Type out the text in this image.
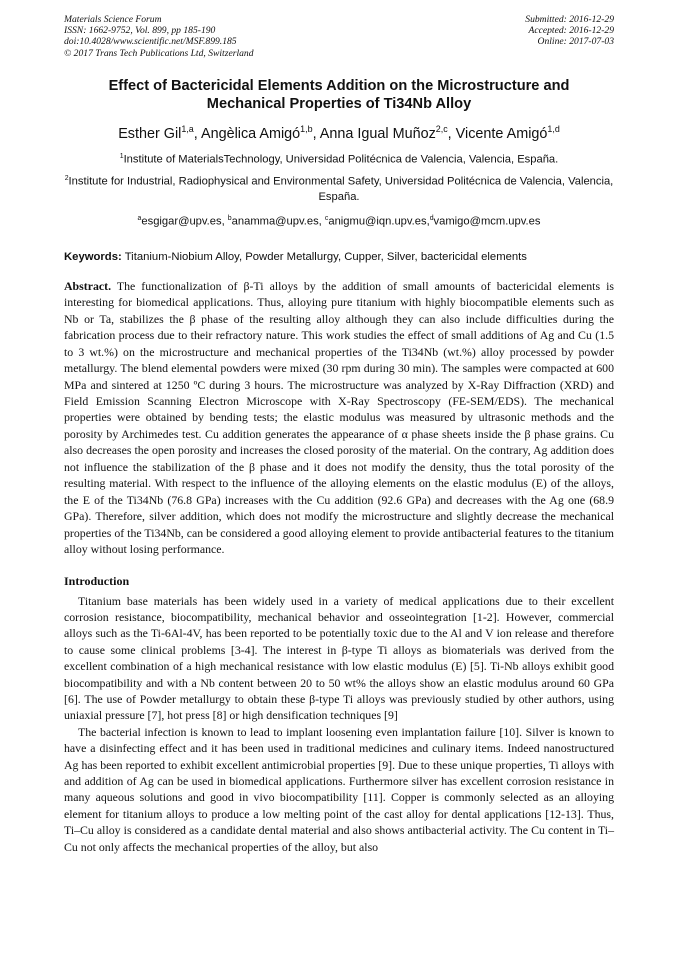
Materials Science Forum
ISSN: 1662-9752, Vol. 899, pp 185-190
doi:10.4028/www.scientific.net/MSF.899.185
© 2017 Trans Tech Publications Ltd, Switzerland
Submitted: 2016-12-29
Accepted: 2016-12-29
Online: 2017-07-03
Effect of Bactericidal Elements Addition on the Microstructure and
Mechanical Properties of Ti34Nb Alloy
Esther Gil$^{1,a}$, Angèlica Amigó$^{1,b}$, Anna Igual Muñoz$^{2,c}$, Vicente Amigó$^{1,d}$
$^1$Institute of MaterialsTechnology, Universidad Politécnica de Valencia, Valencia, España.
$^2$Institute for Industrial, Radiophysical and Environmental Safety, Universidad Politécnica de Valencia, Valencia, España.
$^a$esgigar@upv.es, $^b$anamma@upv.es, $^c$anigmu@iqn.upv.es,$^d$vamigo@mcm.upv.es
Keywords: Titanium-Niobium Alloy, Powder Metallurgy, Cupper, Silver, bactericidal elements
Abstract. The functionalization of β-Ti alloys by the addition of small amounts of bactericidal elements is interesting for biomedical applications. Thus, alloying pure titanium with highly biocompatible elements such as Nb or Ta, stabilizes the β phase of the resulting alloy although they can also include difficulties during the fabrication process due to their refractory nature. This work studies the effect of small additions of Ag and Cu (1.5 to 3 wt.%) on the microstructure and mechanical properties of the Ti34Nb (wt.%) alloy processed by powder metallurgy. The blend elemental powders were mixed (30 rpm during 30 min). The samples were compacted at 600 MPa and sintered at 1250 ºC during 3 hours. The microstructure was analyzed by X-Ray Diffraction (XRD) and Field Emission Scanning Electron Microscope with X-Ray Spectroscopy (FE-SEM/EDS). The mechanical properties were obtained by bending tests; the elastic modulus was measured by ultrasonic methods and the porosity by Archimedes test. Cu addition generates the appearance of α phase sheets inside the β phase grains. Cu also decreases the open porosity and increases the closed porosity of the material. On the contrary, Ag addition does not influence the stabilization of the β phase and it does not modify the density, thus the total porosity of the resulting material. With respect to the influence of the alloying elements on the elastic modulus (E) of the alloys, the E of the Ti34Nb (76.8 GPa) increases with the Cu addition (92.6 GPa) and decreases with the Ag one (68.9 GPa). Therefore, silver addition, which does not modify the microstructure and slightly decrease the mechanical properties of the Ti34Nb, can be considered a good alloying element to provide antibacterial features to the titanium alloy without losing performance.
Introduction

Titanium base materials has been widely used in a variety of medical applications due to their excellent corrosion resistance, biocompatibility, mechanical behavior and osseointegration [1-2]. However, commercial alloys such as the Ti-6Al-4V, has been reported to be potentially toxic due to the Al and V ion release and therefore to cause some clinical problems [3-4]. The interest in β-type Ti alloys as biomaterials was derived from the excellent combination of a high mechanical resistance with low elastic modulus (E) [5]. Ti-Nb alloys exhibit good biocompatibility and with a Nb content between 20 to 50 wt% the alloys show an elastic modulus around 60 GPa [6]. The use of Powder metallurgy to obtain these β-type Ti alloys was previously studied by other authors, using uniaxial pressure [7], hot press [8] or high densification techniques [9]

The bacterial infection is known to lead to implant loosening even implantation failure [10]. Silver is known to have a disinfecting effect and it has been used in traditional medicines and culinary items. Indeed nanostructured Ag has been reported to exhibit excellent antimicrobial properties [9]. Due to these unique properties, Ti alloys with and addition of Ag can be used in biomedical applications. Furthermore silver has excellent corrosion resistance in many aqueous solutions and good in vivo biocompatibility [11]. Copper is commonly selected as an alloying element for titanium alloys to produce a low melting point of the cast alloy for dental applications [12-13]. Thus, Ti–Cu alloy is considered as a candidate dental material and also shows antibacterial activity. The Cu content in Ti–Cu not only affects the mechanical properties of the alloy, but also
